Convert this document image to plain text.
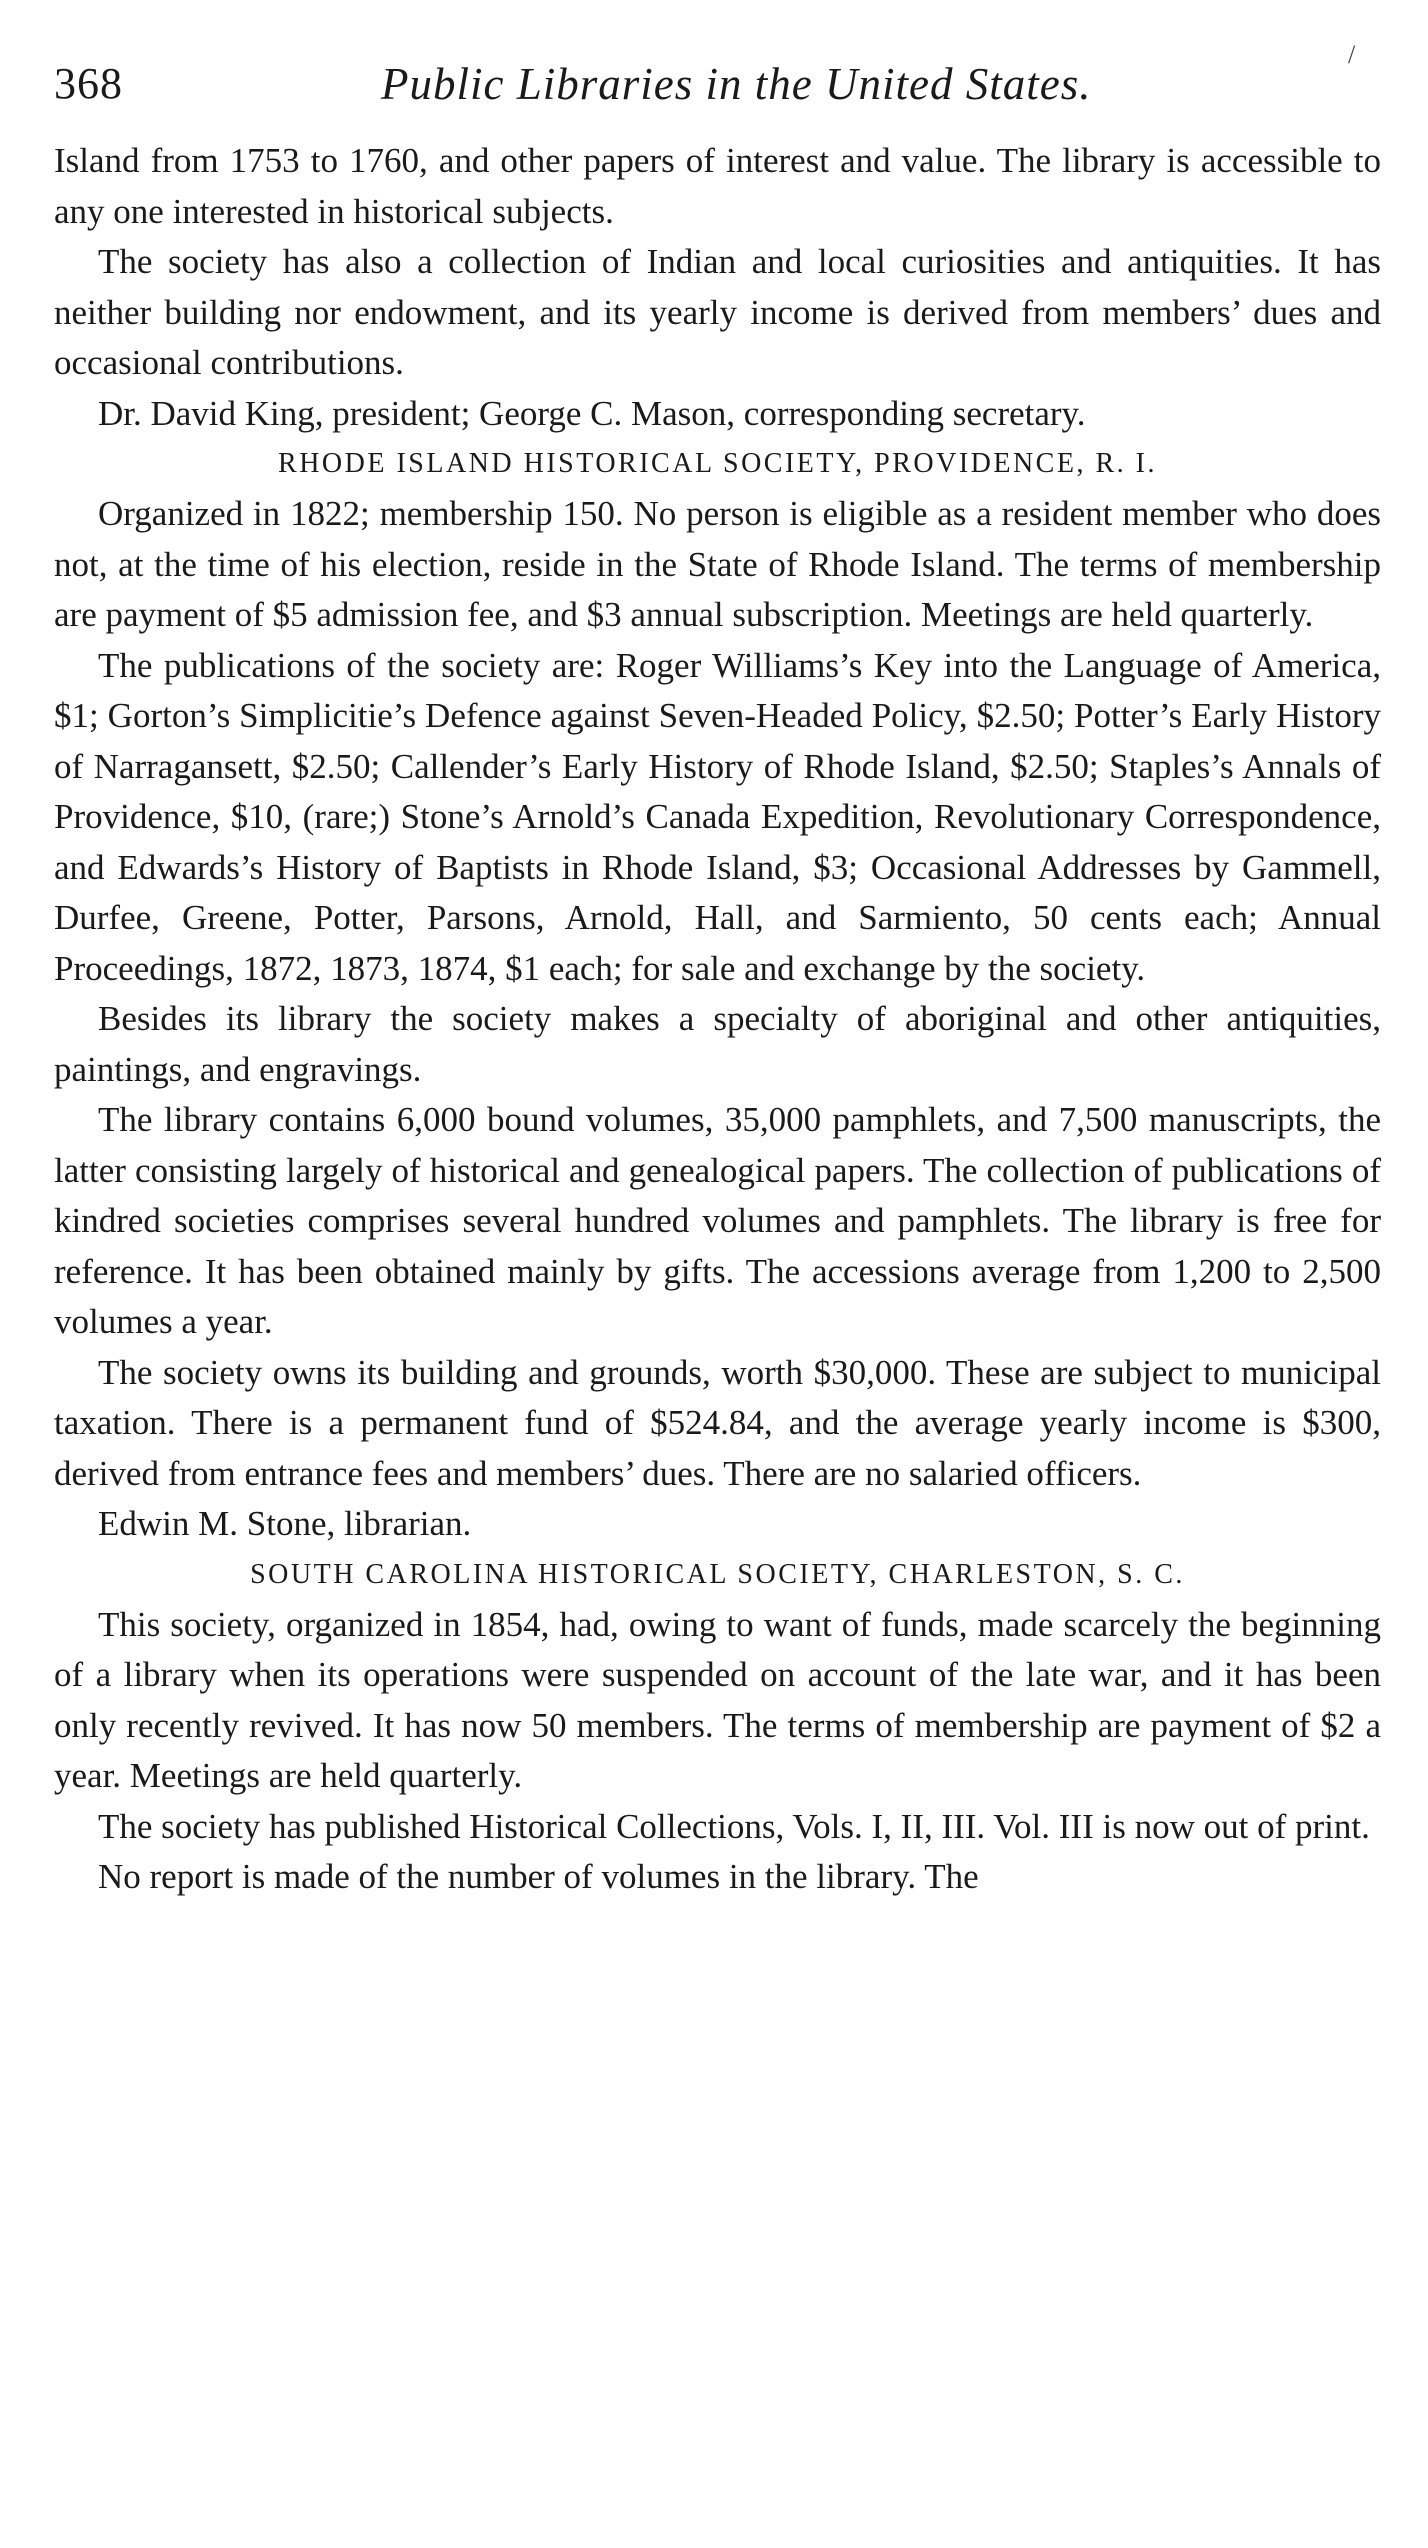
368	Public Libraries in the United States.
/

Island from 1753 to 1760, and other papers of interest and value. The library is accessible to any one interested in historical subjects.

The society has also a collection of Indian and local curiosities and antiquities. It has neither building nor endowment, and its yearly income is derived from members’ dues and occasional contributions.

Dr. David King, president; George C. Mason, corresponding secretary.

RHODE ISLAND HISTORICAL SOCIETY, PROVIDENCE, R. I.

Organized in 1822; membership 150. No person is eligible as a resident member who does not, at the time of his election, reside in the State of Rhode Island. The terms of membership are payment of $5 admission fee, and $3 annual subscription. Meetings are held quarterly.

The publications of the society are: Roger Williams’s Key into the Language of America, $1; Gorton’s Simplicitie’s Defence against Seven-Headed Policy, $2.50; Potter’s Early History of Narragansett, $2.50; Callender’s Early History of Rhode Island, $2.50; Staples’s Annals of Providence, $10, (rare;) Stone’s Arnold’s Canada Expedition, Revolutionary Correspondence, and Edwards’s History of Baptists in Rhode Island, $3; Occasional Addresses by Gammell, Durfee, Greene, Potter, Parsons, Arnold, Hall, and Sarmiento, 50 cents each; Annual Proceedings, 1872, 1873, 1874, $1 each; for sale and exchange by the society.

Besides its library the society makes a specialty of aboriginal and other antiquities, paintings, and engravings.

The library contains 6,000 bound volumes, 35,000 pamphlets, and 7,500 manuscripts, the latter consisting largely of historical and genealogical papers. The collection of publications of kindred societies comprises several hundred volumes and pamphlets. The library is free for reference. It has been obtained mainly by gifts. The accessions average from 1,200 to 2,500 volumes a year.

The society owns its building and grounds, worth $30,000. These are subject to municipal taxation. There is a permanent fund of $524.84, and the average yearly income is $300, derived from entrance fees and members’ dues. There are no salaried officers.

Edwin M. Stone, librarian.

SOUTH CAROLINA HISTORICAL SOCIETY, CHARLESTON, S. C.

This society, organized in 1854, had, owing to want of funds, made scarcely the beginning of a library when its operations were suspended on account of the late war, and it has been only recently revived. It has now 50 members. The terms of membership are payment of $2 a year. Meetings are held quarterly.

The society has published Historical Collections, Vols. I, II, III. Vol. III is now out of print.

No report is made of the number of volumes in the library. The
